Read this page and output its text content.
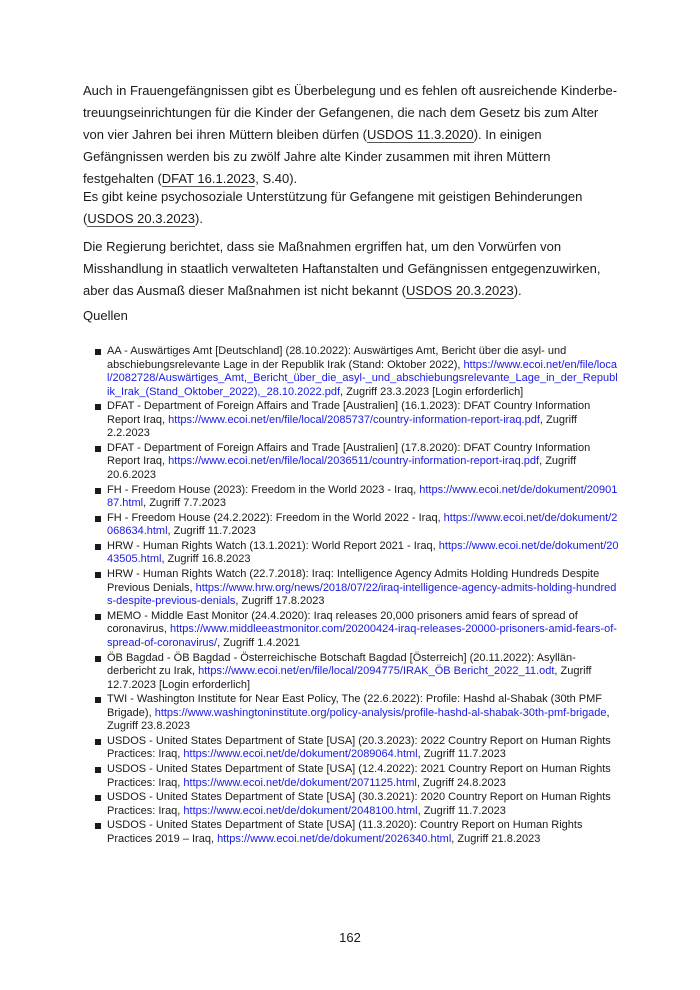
Auch in Frauengefängnissen gibt es Überbelegung und es fehlen oft ausreichende Kinderbetreuungseinrichtungen für die Kinder der Gefangenen, die nach dem Gesetz bis zum Alter von vier Jahren bei ihren Müttern bleiben dürfen (USDOS 11.3.2020). In einigen Gefängnissen werden bis zu zwölf Jahre alte Kinder zusammen mit ihren Müttern festgehalten (DFAT 16.1.2023, S.40).

Es gibt keine psychosoziale Unterstützung für Gefangene mit geistigen Behinderungen (USDOS 20.3.2023).

Die Regierung berichtet, dass sie Maßnahmen ergriffen hat, um den Vorwürfen von Misshandlung in staatlich verwalteten Haftanstalten und Gefängnissen entgegenzuwirken, aber das Ausmaß dieser Maßnahmen ist nicht bekannt (USDOS 20.3.2023).

Quellen

AA - Auswärtiges Amt [Deutschland] (28.10.2022): Auswärtiges Amt, Bericht über die asyl- und abschiebungsrelevante Lage in der Republik Irak (Stand: Oktober 2022), https://www.ecoi.net/en/file/local/2082728/Auswärtiges_Amt,_Bericht_über_die_asyl-_und_abschiebungsrelevante_Lage_in_der_Republik_Irak_(Stand_Oktober_2022),_28.10.2022.pdf, Zugriff 23.3.2023 [Login erforderlich]
DFAT - Department of Foreign Affairs and Trade [Australien] (16.1.2023): DFAT Country Information Report Iraq, https://www.ecoi.net/en/file/local/2085737/country-information-report-iraq.pdf, Zugriff 2.2.2023
DFAT - Department of Foreign Affairs and Trade [Australien] (17.8.2020): DFAT Country Information Report Iraq, https://www.ecoi.net/en/file/local/2036511/country-information-report-iraq.pdf, Zugriff 20.6.2023
FH - Freedom House (2023): Freedom in the World 2023 - Iraq, https://www.ecoi.net/de/dokument/2090187.html, Zugriff 7.7.2023
FH - Freedom House (24.2.2022): Freedom in the World 2022 - Iraq, https://www.ecoi.net/de/dokument/2068634.html, Zugriff 11.7.2023
HRW - Human Rights Watch (13.1.2021): World Report 2021 - Iraq, https://www.ecoi.net/de/dokument/2043505.html, Zugriff 16.8.2023
HRW - Human Rights Watch (22.7.2018): Iraq: Intelligence Agency Admits Holding Hundreds Despite Previous Denials, https://www.hrw.org/news/2018/07/22/iraq-intelligence-agency-admits-holding-hundreds-despite-previous-denials, Zugriff 17.8.2023
MEMO - Middle East Monitor (24.4.2020): Iraq releases 20,000 prisoners amid fears of spread of coronavirus, https://www.middleeastmonitor.com/20200424-iraq-releases-20000-prisoners-amid-fears-of-spread-of-coronavirus/, Zugriff 1.4.2021
ÖB Bagdad - ÖB Bagdad - Österreichische Botschaft Bagdad [Österreich] (20.11.2022): Asylländerbericht zu Irak, https://www.ecoi.net/en/file/local/2094775/IRAK_ÖB Bericht_2022_11.odt, Zugriff 12.7.2023 [Login erforderlich]
TWI - Washington Institute for Near East Policy, The (22.6.2022): Profile: Hashd al-Shabak (30th PMF Brigade), https://www.washingtoninstitute.org/policy-analysis/profile-hashd-al-shabak-30th-pmf-brigade, Zugriff 23.8.2023
USDOS - United States Department of State [USA] (20.3.2023): 2022 Country Report on Human Rights Practices: Iraq, https://www.ecoi.net/de/dokument/2089064.html, Zugriff 11.7.2023
USDOS - United States Department of State [USA] (12.4.2022): 2021 Country Report on Human Rights Practices: Iraq, https://www.ecoi.net/de/dokument/2071125.html, Zugriff 24.8.2023
USDOS - United States Department of State [USA] (30.3.2021): 2020 Country Report on Human Rights Practices: Iraq, https://www.ecoi.net/de/dokument/2048100.html, Zugriff 11.7.2023
USDOS - United States Department of State [USA] (11.3.2020): Country Report on Human Rights Practices 2019 – Iraq, https://www.ecoi.net/de/dokument/2026340.html, Zugriff 21.8.2023
162
